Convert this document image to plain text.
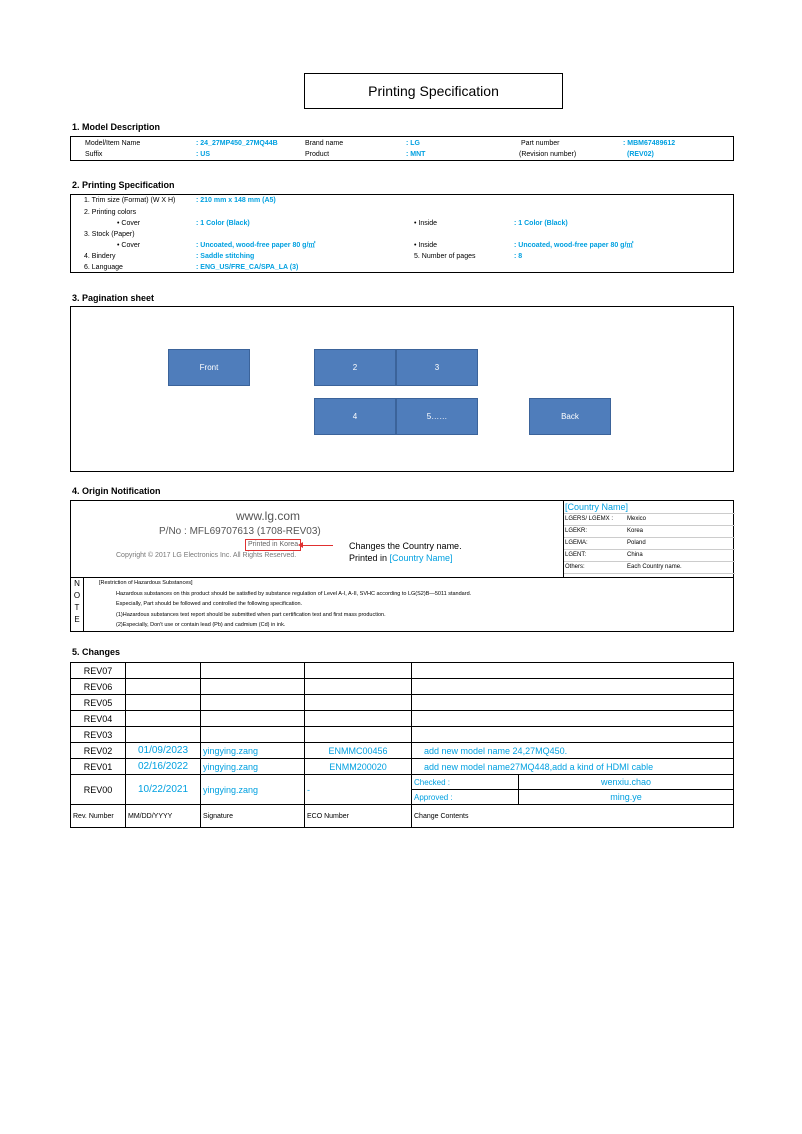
Printing Specification
1. Model Description
Model/Item Name	: 24_27MP450_27MQ44B	Brand name	: LG	Part number	: MBM67489612
Suffix	: US	Product	: MNT	(Revision number)	(REV02)
2. Printing Specification
1. Trim size (Format) (W X H)	: 210 mm x 148 mm (A5)
2. Printing colors
• Cover	: 1 Color (Black)	• Inside	: 1 Color (Black)
3. Stock (Paper)
• Cover	: Uncoated, wood-free paper 80 g/㎡	• Inside	: Uncoated, wood-free paper 80 g/㎡
4. Bindery	: Saddle stitching	5. Number of pages	: 8
6. Language	: ENG_US/FRE_CA/SPA_LA (3)
3. Pagination sheet
Front	2	3
4	5……	Back
4. Origin Notification
www.lg.com
P/No : MFL69707613 (1708-REV03)
Printed in Korea
Copyright © 2017 LG Electronics Inc. All Rights Reserved.
Changes the Country name.
Printed in [Country Name]
[Country Name]
LGERS/ LGEMX :	Mexico
LGEKR:	Korea
LGEMA:	Poland
LGENT:	China
Others:	Each Country name.
N
O
T
E
[Restriction of Hazardous Substances]
Hazardous substances on this product should be satisfied by substance regulation of Level A-I, A-II, SVHC according to LG(S2)B—5011 standard.
Especially, Part should be followed and controlled the following specification.
(1)Hazardous substances test report should be submitted when part certification test and first mass production.
(2)Especially, Don't use or contain lead (Pb) and cadmium (Cd) in ink.
5. Changes
REV07					
REV06					
REV05					
REV04					
REV03					
REV02	01/09/2023	yingying.zang	ENMMC00456	add new model name 24,27MQ450.	
REV01	02/16/2022	yingying.zang	ENMM200020	add new model name27MQ448,add a kind of HDMI cable	
REV00	10/22/2021	yingying.zang	-	Checked :	wenxiu.chao
				Approved :	ming.ye
Rev. Number	MM/DD/YYYY	Signature	ECO Number	Change Contents	
